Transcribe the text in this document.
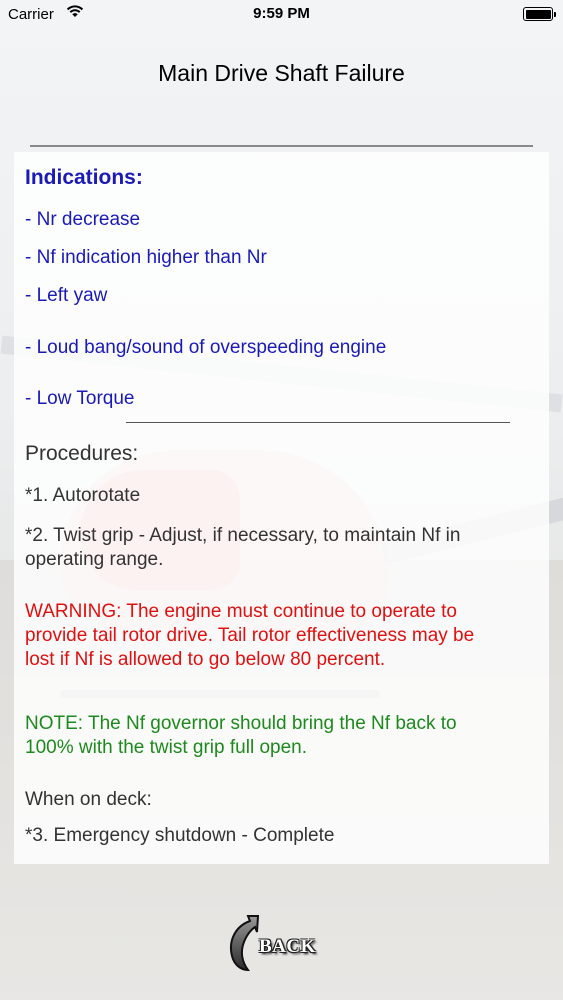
Carrier	9:59 PM
Main Drive Shaft Failure
Indications:
- Nr decrease
- Nf indication higher than Nr
- Left yaw
- Loud bang/sound of overspeeding engine
- Low Torque
Procedures:
*1. Autorotate
*2. Twist grip - Adjust, if necessary, to maintain Nf in
operating range.
WARNING: The engine must continue to operate to
provide tail rotor drive. Tail rotor effectiveness may be
lost if Nf is allowed to go below 80 percent.
NOTE: The Nf governor should bring the Nf back to
100% with the twist grip full open.
When on deck:
*3. Emergency shutdown - Complete
BACK
